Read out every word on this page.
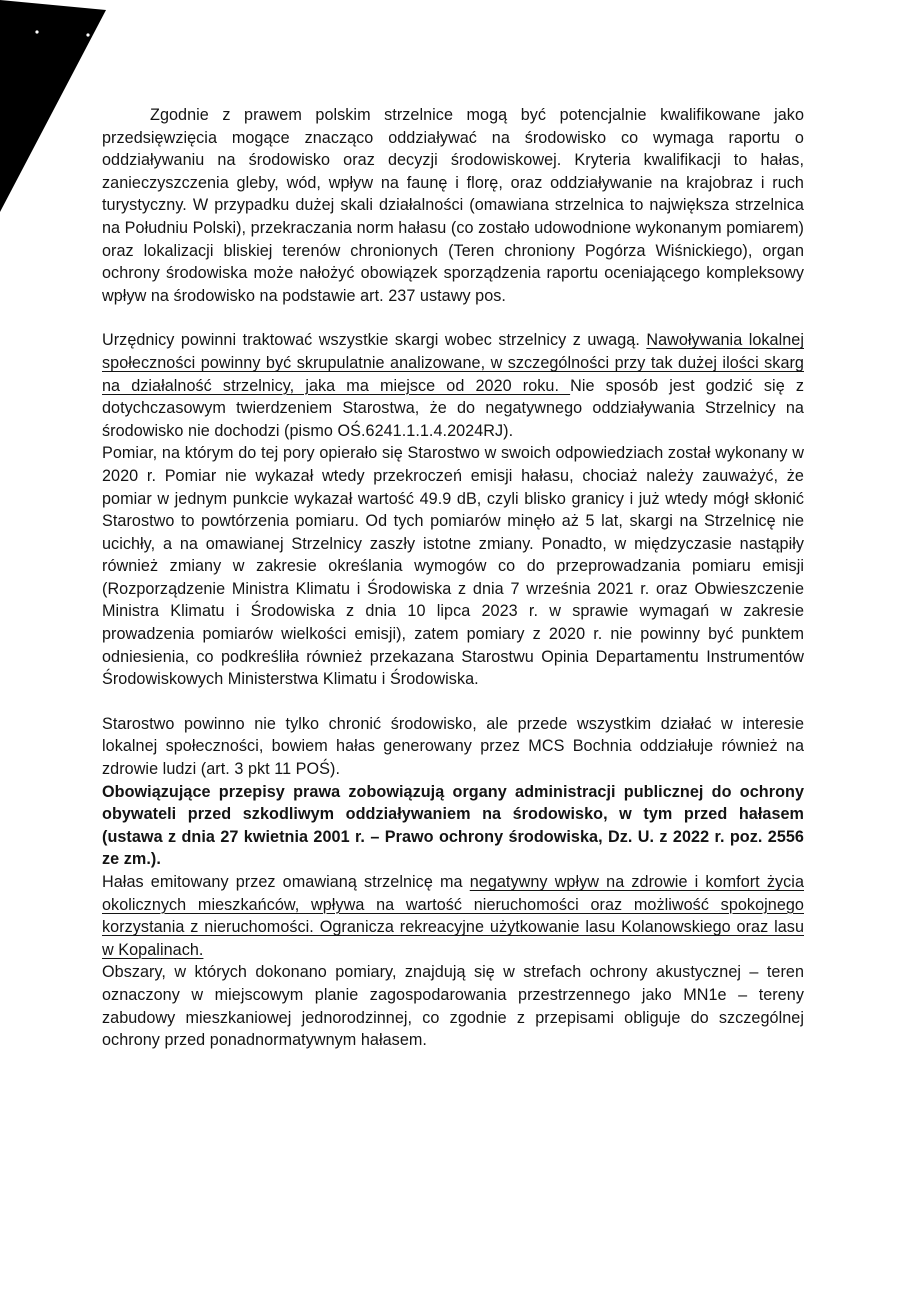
Zgodnie z prawem polskim strzelnice mogą być potencjalnie kwalifikowane jako przedsięwzięcia mogące znacząco oddziaływać na środowisko co wymaga raportu o oddziaływaniu na środowisko oraz decyzji środowiskowej. Kryteria kwalifikacji to hałas, zanieczyszczenia gleby, wód, wpływ na faunę i florę, oraz oddziaływanie na krajobraz i ruch turystyczny. W przypadku dużej skali działalności (omawiana strzelnica to największa strzelnica na Południu Polski), przekraczania norm hałasu (co zostało udowodnione wykonanym pomiarem) oraz lokalizacji bliskiej terenów chronionych (Teren chroniony Pogórza Wiśnickiego), organ ochrony środowiska może nałożyć obowiązek sporządzenia raportu oceniającego kompleksowy wpływ na środowisko na podstawie art. 237 ustawy pos.

Urzędnicy powinni traktować wszystkie skargi wobec strzelnicy z uwagą. Nawoływania lokalnej społeczności powinny być skrupulatnie analizowane, w szczególności przy tak dużej ilości skarg na działalność strzelnicy, jaka ma miejsce od 2020 roku. Nie sposób jest godzić się z dotychczasowym twierdzeniem Starostwa, że do negatywnego oddziaływania Strzelnicy na środowisko nie dochodzi (pismo OŚ.6241.1.1.4.2024RJ).

Pomiar, na którym do tej pory opierało się Starostwo w swoich odpowiedziach został wykonany w 2020 r. Pomiar nie wykazał wtedy przekroczeń emisji hałasu, chociaż należy zauważyć, że pomiar w jednym punkcie wykazał wartość 49.9 dB, czyli blisko granicy i już wtedy mógł skłonić Starostwo to powtórzenia pomiaru. Od tych pomiarów minęło aż 5 lat, skargi na Strzelnicę nie ucichły, a na omawianej Strzelnicy zaszły istotne zmiany. Ponadto, w międzyczasie nastąpiły również zmiany w zakresie określania wymogów co do przeprowadzania pomiaru emisji (Rozporządzenie Ministra Klimatu i Środowiska z dnia 7 września 2021 r. oraz Obwieszczenie Ministra Klimatu i Środowiska z dnia 10 lipca 2023 r. w sprawie wymagań w zakresie prowadzenia pomiarów wielkości emisji), zatem pomiary z 2020 r. nie powinny być punktem odniesienia, co podkreśliła również przekazana Starostwu Opinia Departamentu Instrumentów Środowiskowych Ministerstwa Klimatu i Środowiska.

Starostwo powinno nie tylko chronić środowisko, ale przede wszystkim działać w interesie lokalnej społeczności, bowiem hałas generowany przez MCS Bochnia oddziałuje również na zdrowie ludzi (art. 3 pkt 11 POŚ).

Obowiązujące przepisy prawa zobowiązują organy administracji publicznej do ochrony obywateli przed szkodliwym oddziaływaniem na środowisko, w tym przed hałasem (ustawa z dnia 27 kwietnia 2001 r. – Prawo ochrony środowiska, Dz. U. z 2022 r. poz. 2556 ze zm.).

Hałas emitowany przez omawianą strzelnicę ma negatywny wpływ na zdrowie i komfort życia okolicznych mieszkańców, wpływa na wartość nieruchomości oraz możliwość spokojnego korzystania z nieruchomości. Ogranicza rekreacyjne użytkowanie lasu Kolanowskiego oraz lasu w Kopalinach.

Obszary, w których dokonano pomiary, znajdują się w strefach ochrony akustycznej – teren oznaczony w miejscowym planie zagospodarowania przestrzennego jako MN1e – tereny zabudowy mieszkaniowej jednorodzinnej, co zgodnie z przepisami obliguje do szczególnej ochrony przed ponadnormatywnym hałasem.
